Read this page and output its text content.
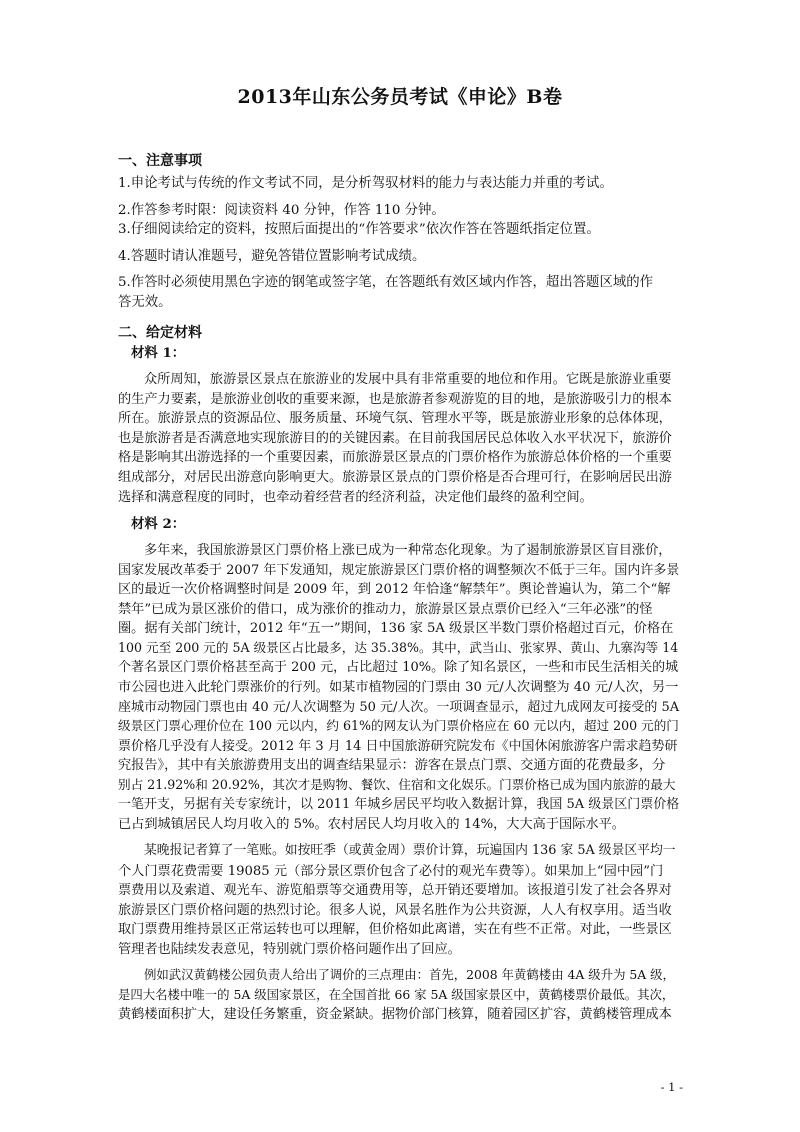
2013年山东公务员考试《申论》B卷
一、注意事项
1.申论考试与传统的作文考试不同，是分析驾驭材料的能力与表达能力并重的考试。
2.作答参考时限：阅读资料 40 分钟，作答 110 分钟。
3.仔细阅读给定的资料，按照后面提出的“作答要求”依次作答在答题纸指定位置。
4.答题时请认准题号，避免答错位置影响考试成绩。
5.作答时必须使用黑色字迹的钢笔或签字笔，在答题纸有效区域内作答，超出答题区域的作
答无效。
二、给定材料
材料 1：
众所周知，旅游景区景点在旅游业的发展中具有非常重要的地位和作用。它既是旅游业重要
的生产力要素，是旅游业创收的重要来源，也是旅游者参观游览的目的地，是旅游吸引力的根本
所在。旅游景点的资源品位、服务质量、环境气氛、管理水平等，既是旅游业形象的总体体现，
也是旅游者是否满意地实现旅游目的的关键因素。在目前我国居民总体收入水平状况下，旅游价
格是影响其出游选择的一个重要因素，而旅游景区景点的门票价格作为旅游总体价格的一个重要
组成部分，对居民出游意向影响更大。旅游景区景点的门票价格是否合理可行，在影响居民出游
选择和满意程度的同时，也牵动着经营者的经济利益，决定他们最终的盈利空间。
材料 2：
多年来，我国旅游景区门票价格上涨已成为一种常态化现象。为了遏制旅游景区盲目涨价，
国家发展改革委于 2007 年下发通知，规定旅游景区门票价格的调整频次不低于三年。国内许多景
区的最近一次价格调整时间是 2009 年，到 2012 年恰逢“解禁年”。舆论普遍认为，第二个“解
禁年”已成为景区涨价的借口，成为涨价的推动力，旅游景区景点票价已经入“三年必涨”的怪
圈。据有关部门统计，2012 年“五一”期间，136 家 5A 级景区半数门票价格超过百元，价格在
100 元至 200 元的 5A 级景区占比最多，达 35.38%。其中，武当山、张家界、黄山、九寨沟等 14
个著名景区门票价格甚至高于 200 元，占比超过 10%。除了知名景区，一些和市民生活相关的城
市公园也进入此轮门票涨价的行列。如某市植物园的门票由 30 元/人次调整为 40 元/人次，另一
座城市动物园门票也由 40 元/人次调整为 50 元/人次。一项调查显示，超过九成网友可接受的 5A
级景区门票心理价位在 100 元以内，约 61%的网友认为门票价格应在 60 元以内，超过 200 元的门
票价格几乎没有人接受。2012 年 3 月 14 日中国旅游研究院发布《中国休闲旅游客户需求趋势研
究报告》，其中有关旅游费用支出的调查结果显示：游客在景点门票、交通方面的花费最多，分
别占 21.92%和 20.92%，其次才是购物、餐饮、住宿和文化娱乐。门票价格已成为国内旅游的最大
一笔开支，另据有关专家统计，以 2011 年城乡居民平均收入数据计算，我国 5A 级景区门票价格
已占到城镇居民人均月收入的 5%。农村居民人均月收入的 14%，大大高于国际水平。
某晚报记者算了一笔账。如按旺季（或黄金周）票价计算，玩遍国内 136 家 5A 级景区平均一
个人门票花费需要 19085 元（部分景区票价包含了必付的观光车费等）。如果加上“园中园”门
票费用以及索道、观光车、游览船票等交通费用等，总开销还要增加。该报道引发了社会各界对
旅游景区门票价格问题的热烈讨论。很多人说，风景名胜作为公共资源，人人有权享用。适当收
取门票费用维持景区正常运转也可以理解，但价格如此离谱，实在有些不正常。对此，一些景区
管理者也陆续发表意见，特别就门票价格问题作出了回应。
例如武汉黄鹤楼公园负责人给出了调价的三点理由：首先，2008 年黄鹤楼由 4A 级升为 5A 级，
是四大名楼中唯一的 5A 级国家景区，在全国首批 66 家 5A 级国家景区中，黄鹤楼票价最低。其次，
黄鹤楼面积扩大，建设任务繁重，资金紧缺。据物价部门核算，随着园区扩容，黄鹤楼管理成本
- 1 -
